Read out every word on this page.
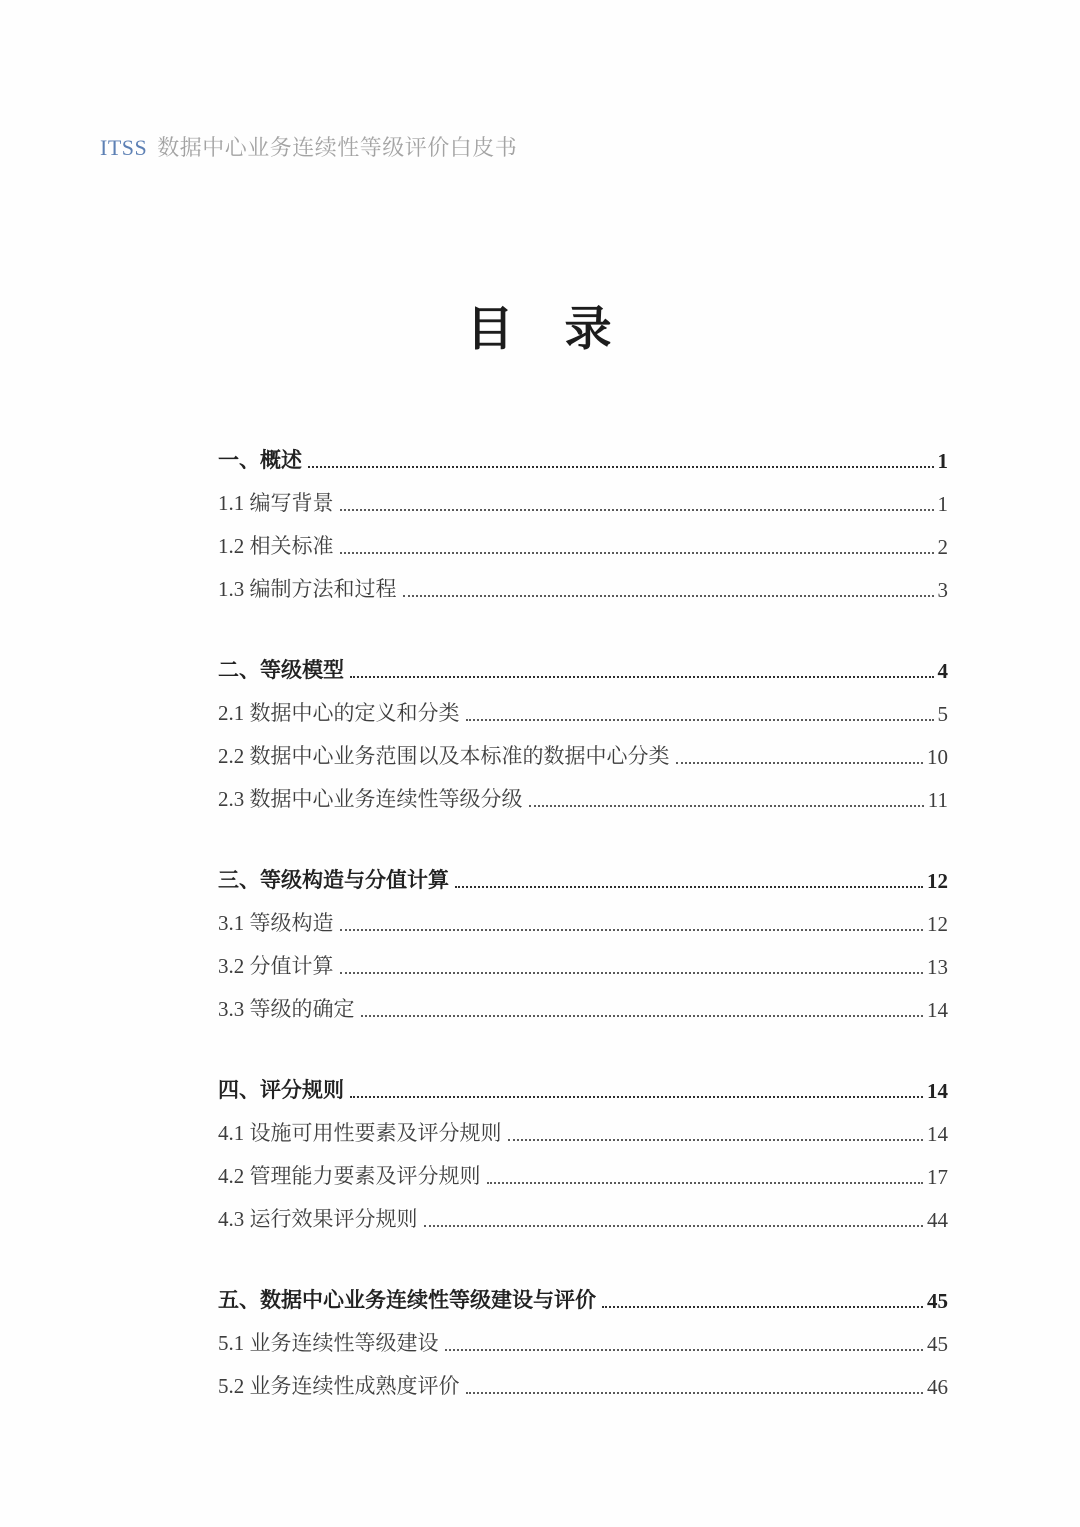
ITSS 数据中心业务连续性等级评价白皮书
目　录
一、概述	1
1.1 编写背景	1
1.2 相关标准	2
1.3 编制方法和过程	3
二、等级模型	4
2.1 数据中心的定义和分类	5
2.2 数据中心业务范围以及本标准的数据中心分类	10
2.3 数据中心业务连续性等级分级	11
三、等级构造与分值计算	12
3.1 等级构造	12
3.2 分值计算	13
3.3 等级的确定	14
四、评分规则	14
4.1 设施可用性要素及评分规则	14
4.2 管理能力要素及评分规则	17
4.3 运行效果评分规则	44
五、数据中心业务连续性等级建设与评价	45
5.1 业务连续性等级建设	45
5.2 业务连续性成熟度评价	46
